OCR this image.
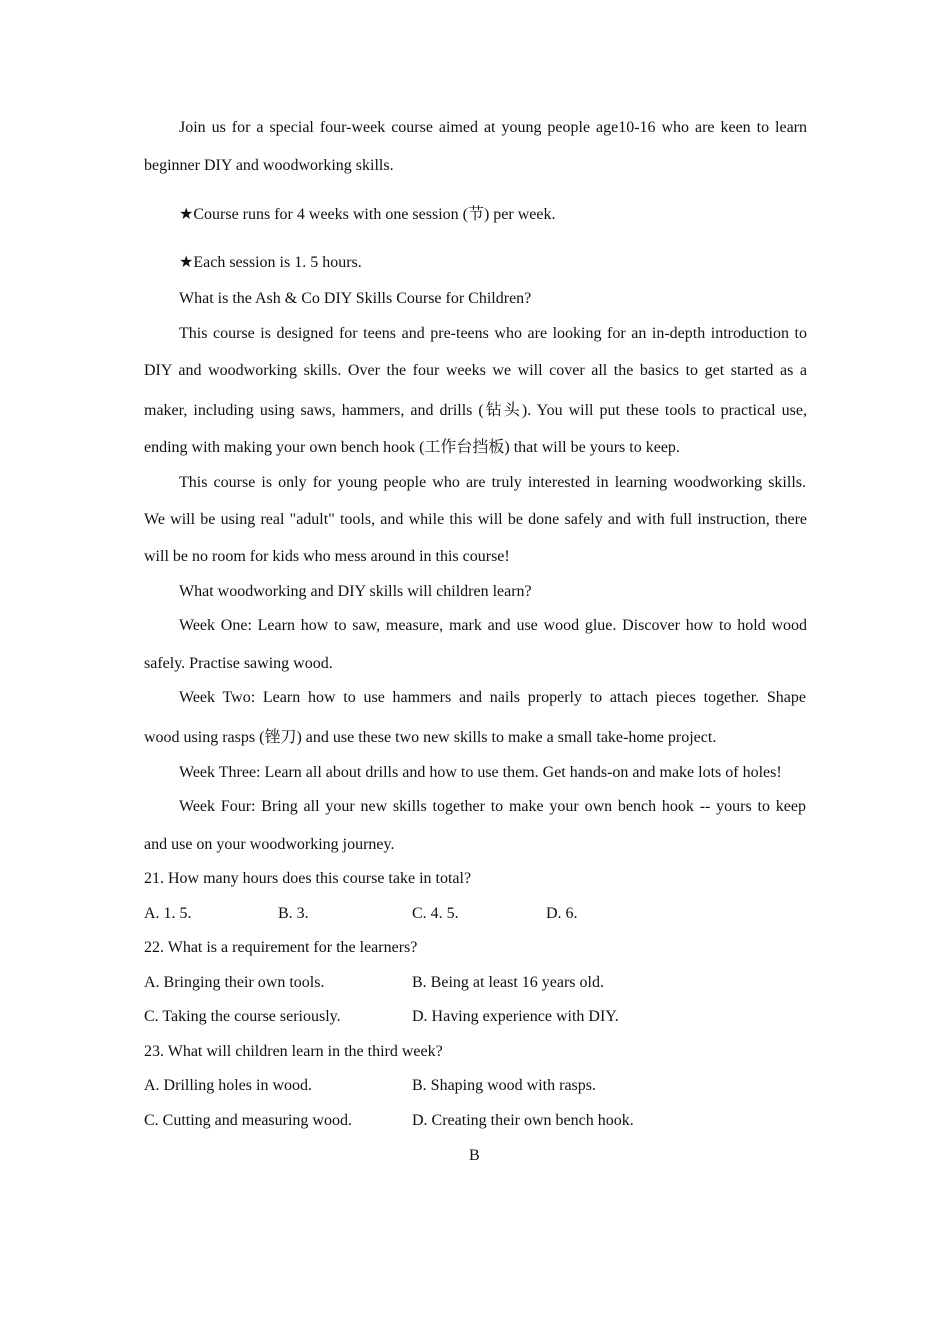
Join us for a special four-week course aimed at young people age10-16 who are keen to learn
beginner DIY and woodworking skills.
★Course runs for 4 weeks with one session (节) per week.
★Each session is 1. 5 hours.
What is the Ash & Co DIY Skills Course for Children?
This course is designed for teens and pre-teens who are looking for an in-depth introduction to
DIY and woodworking skills. Over the four weeks we will cover all the basics to get started as a
maker, including using saws, hammers, and drills (钻头). You will put these tools to practical use,
ending with making your own bench hook (工作台挡板) that will be yours to keep.
This course is only for young people who are truly interested in learning woodworking skills.
We will be using real "adult" tools, and while this will be done safely and with full instruction, there
will be no room for kids who mess around in this course!
What woodworking and DIY skills will children learn?
Week One: Learn how to saw, measure, mark and use wood glue. Discover how to hold wood
safely. Practise sawing wood.
Week Two: Learn how to use hammers and nails properly to attach pieces together. Shape
wood using rasps (锉刀) and use these two new skills to make a small take-home project.
Week Three: Learn all about drills and how to use them. Get hands-on and make lots of holes!
Week Four: Bring all your new skills together to make your own bench hook -- yours to keep
and use on your woodworking journey.
21. How many hours does this course take in total?
A. 1. 5.	B. 3.	C. 4. 5.	D. 6.
22. What is a requirement for the learners?
A. Bringing their own tools.	B. Being at least 16 years old.
C. Taking the course seriously.	D. Having experience with DIY.
23. What will children learn in the third week?
A. Drilling holes in wood.	B. Shaping wood with rasps.
C. Cutting and measuring wood.	D. Creating their own bench hook.
B
